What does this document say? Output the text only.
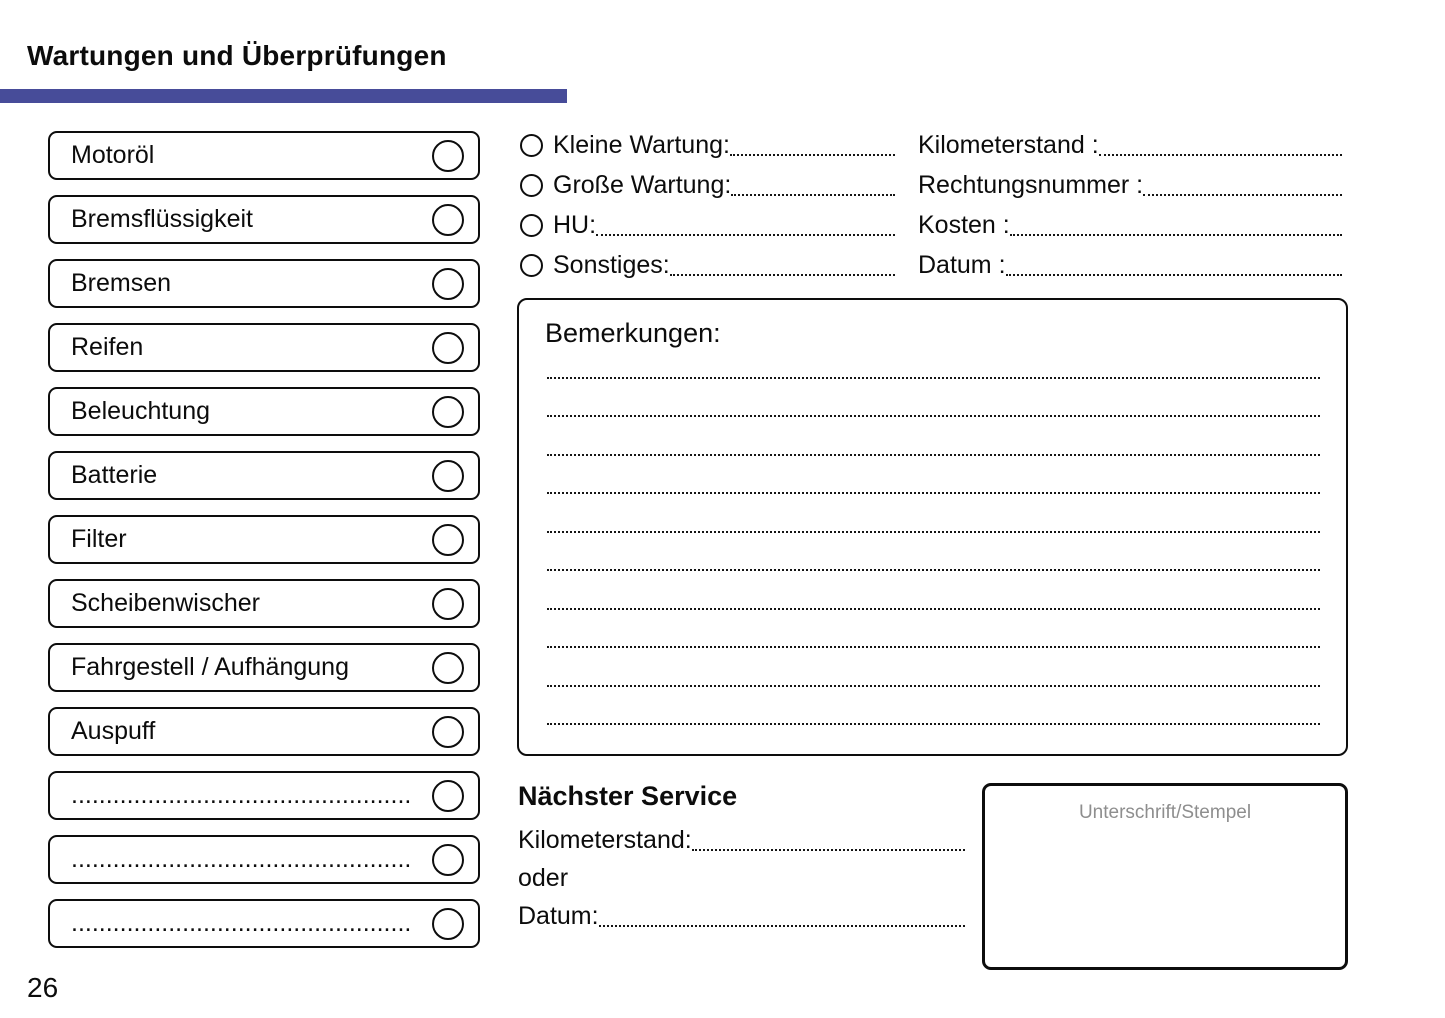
Wartungen und Überprüfungen
Motoröl
Bremsflüssigkeit
Bremsen
Reifen
Beleuchtung
Batterie
Filter
Scheibenwischer
Fahrgestell / Aufhängung
Auspuff
.................................................
.................................................
.................................................
Kleine Wartung:
Große Wartung:
HU:
Sonstiges:
Kilometerstand :
Rechtungsnummer :
Kosten :
Datum :
Bemerkungen:
Nächster Service
Kilometerstand:
oder
Datum:
Unterschrift/Stempel
26
